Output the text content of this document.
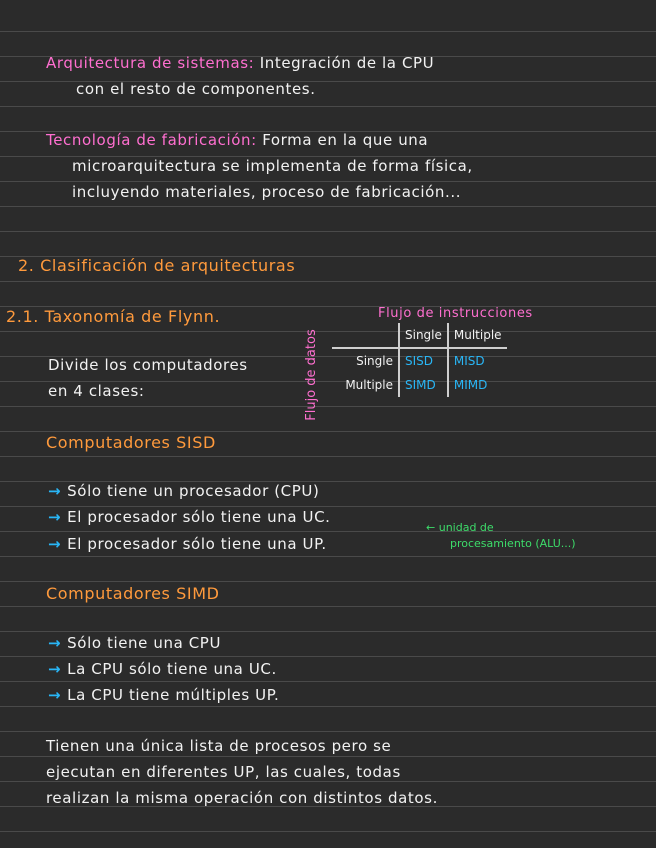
Arquitectura de sistemas: Integración de la CPU
con el resto de componentes.
Tecnología de fabricación: Forma en la que una
microarquitectura se implementa de forma física,
incluyendo materiales, proceso de fabricación...
2. Clasificación de arquitecturas
2.1. Taxonomía de Flynn.	Flujo de instrucciones
Flujo de datos
Divide los computadores
en 4 clases:
	Single	Multiple
Single	SISD	MISD
Multiple	SIMD	MIMD
Computadores SISD
→ Sólo tiene un procesador (CPU)
→ El procesador sólo tiene una UC.
→ El procesador sólo tiene una UP.
← unidad de
procesamiento (ALU...)
Computadores SIMD
→ Sólo tiene una CPU
→ La CPU sólo tiene una UC.
→ La CPU tiene múltiples UP.
Tienen una única lista de procesos pero se
ejecutan en diferentes UP, las cuales, todas
realizan la misma operación con distintos datos.
